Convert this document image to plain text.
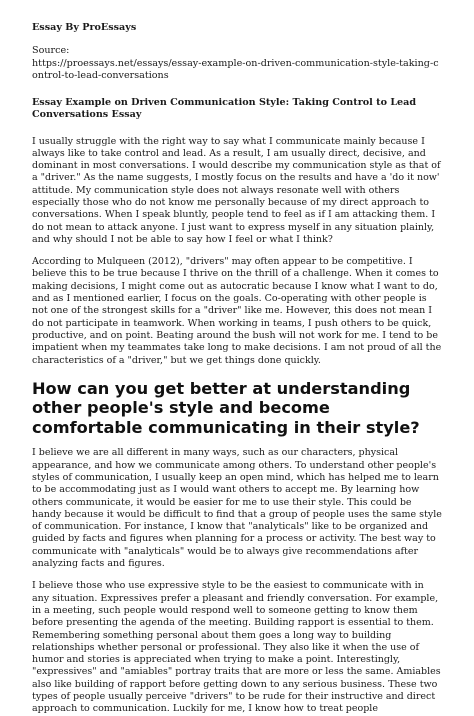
Essay By ProEssays

Source:

https://proessays.net/essays/essay-example-on-driven-communication-style-taking-control-to-lead-conversations

Essay Example on Driven Communication Style: Taking Control to Lead Conversations Essay

I usually struggle with the right way to say what I communicate mainly because I always like to take control and lead. As a result, I am usually direct, decisive, and dominant in most conversations. I would describe my communication style as that of a "driver." As the name suggests, I mostly focus on the results and have a 'do it now' attitude. My communication style does not always resonate well with others especially those who do not know me personally because of my direct approach to conversations. When I speak bluntly, people tend to feel as if I am attacking them. I do not mean to attack anyone. I just want to express myself in any situation plainly, and why should I not be able to say how I feel or what I think?

According to Mulqueen (2012), "drivers" may often appear to be competitive. I believe this to be true because I thrive on the thrill of a challenge. When it comes to making decisions, I might come out as autocratic because I know what I want to do, and as I mentioned earlier, I focus on the goals. Co-operating with other people is not one of the strongest skills for a "driver" like me. However, this does not mean I do not participate in teamwork. When working in teams, I push others to be quick, productive, and on point. Beating around the bush will not work for me. I tend to be impatient when my teammates take long to make decisions. I am not proud of all the characteristics of a "driver," but we get things done quickly.

How can you get better at understanding other people's style and become comfortable communicating in their style?

I believe we are all different in many ways, such as our characters, physical appearance, and how we communicate among others. To understand other people's styles of communication, I usually keep an open mind, which has helped me to learn to be accommodating just as I would want others to accept me. By learning how others communicate, it would be easier for me to use their style. This could be handy because it would be difficult to find that a group of people uses the same style of communication. For instance, I know that "analyticals" like to be organized and guided by facts and figures when planning for a process or activity. The best way to communicate with "analyticals" would be to always give recommendations after analyzing facts and figures.

I believe those who use expressive style to be the easiest to communicate with in any situation. Expressives prefer a pleasant and friendly conversation. For example, in a meeting, such people would respond well to someone getting to know them before presenting the agenda of the meeting. Building rapport is essential to them. Remembering something personal about them goes a long way to building relationships whether personal or professional. They also like it when the use of humor and stories is appreciated when trying to make a point. Interestingly, "expressives" and "amiables" portray traits that are more or less the same. Amiables also like building of rapport before getting down to any serious business. These two types of people usually perceive "drivers" to be rude for their instructive and direct approach to communication. Luckily for me, I know how to treat people
